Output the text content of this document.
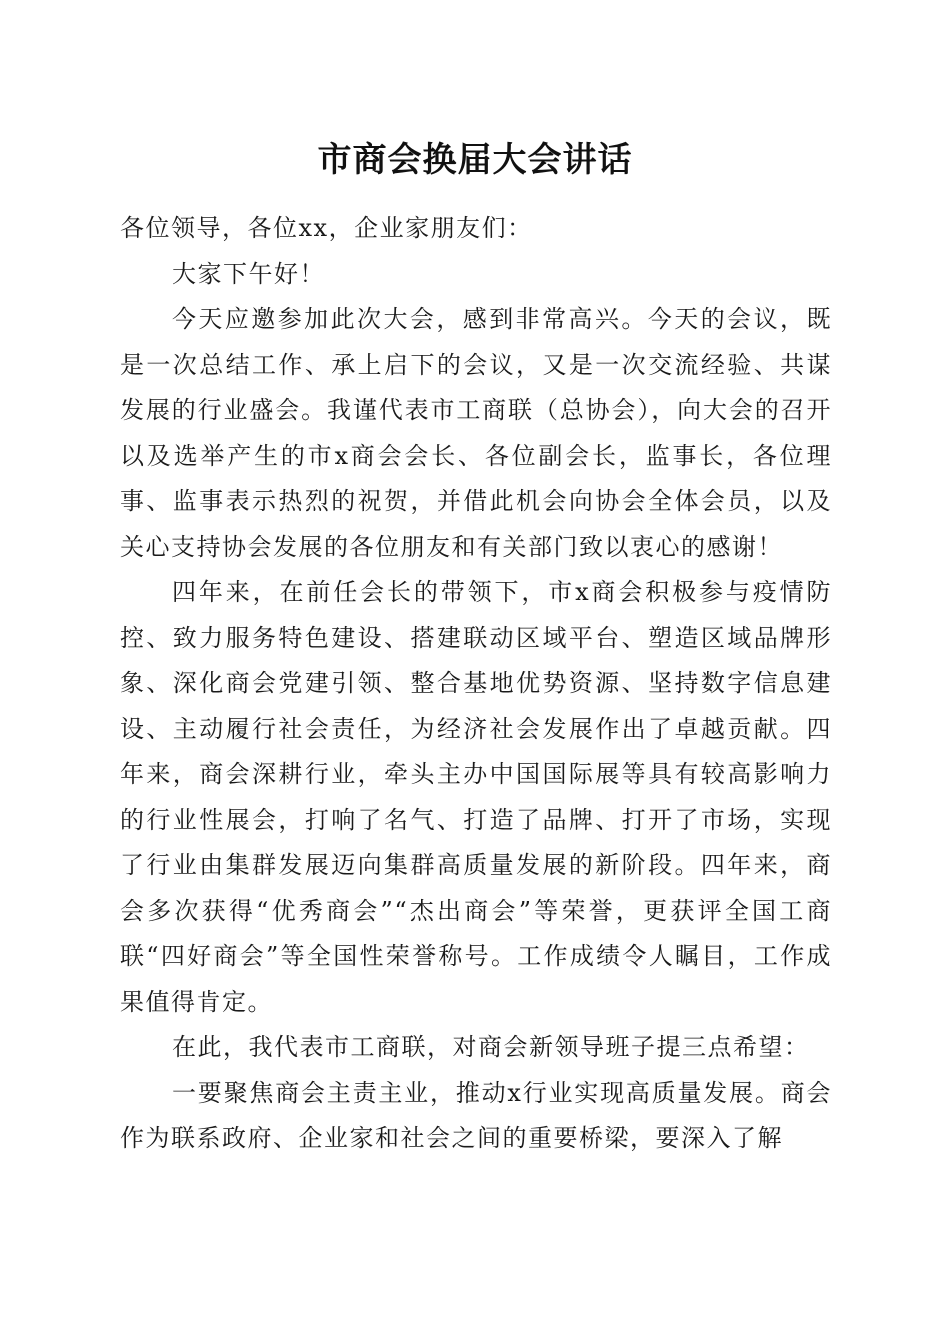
市商会换届大会讲话

各位领导，各位xx，企业家朋友们：

大家下午好！

今天应邀参加此次大会，感到非常高兴。今天的会议，既是一次总结工作、承上启下的会议，又是一次交流经验、共谋发展的行业盛会。我谨代表市工商联（总协会），向大会的召开以及选举产生的市x商会会长、各位副会长，监事长，各位理事、监事表示热烈的祝贺，并借此机会向协会全体会员，以及关心支持协会发展的各位朋友和有关部门致以衷心的感谢！

四年来，在前任会长的带领下，市x商会积极参与疫情防控、致力服务特色建设、搭建联动区域平台、塑造区域品牌形象、深化商会党建引领、整合基地优势资源、坚持数字信息建设、主动履行社会责任，为经济社会发展作出了卓越贡献。四年来，商会深耕行业，牵头主办中国国际展等具有较高影响力的行业性展会，打响了名气、打造了品牌、打开了市场，实现了行业由集群发展迈向集群高质量发展的新阶段。四年来，商会多次获得“优秀商会”“杰出商会”等荣誉，更获评全国工商联“四好商会”等全国性荣誉称号。工作成绩令人瞩目，工作成果值得肯定。

在此，我代表市工商联，对商会新领导班子提三点希望：

一要聚焦商会主责主业，推动x行业实现高质量发展。商会作为联系政府、企业家和社会之间的重要桥梁，要深入了解
